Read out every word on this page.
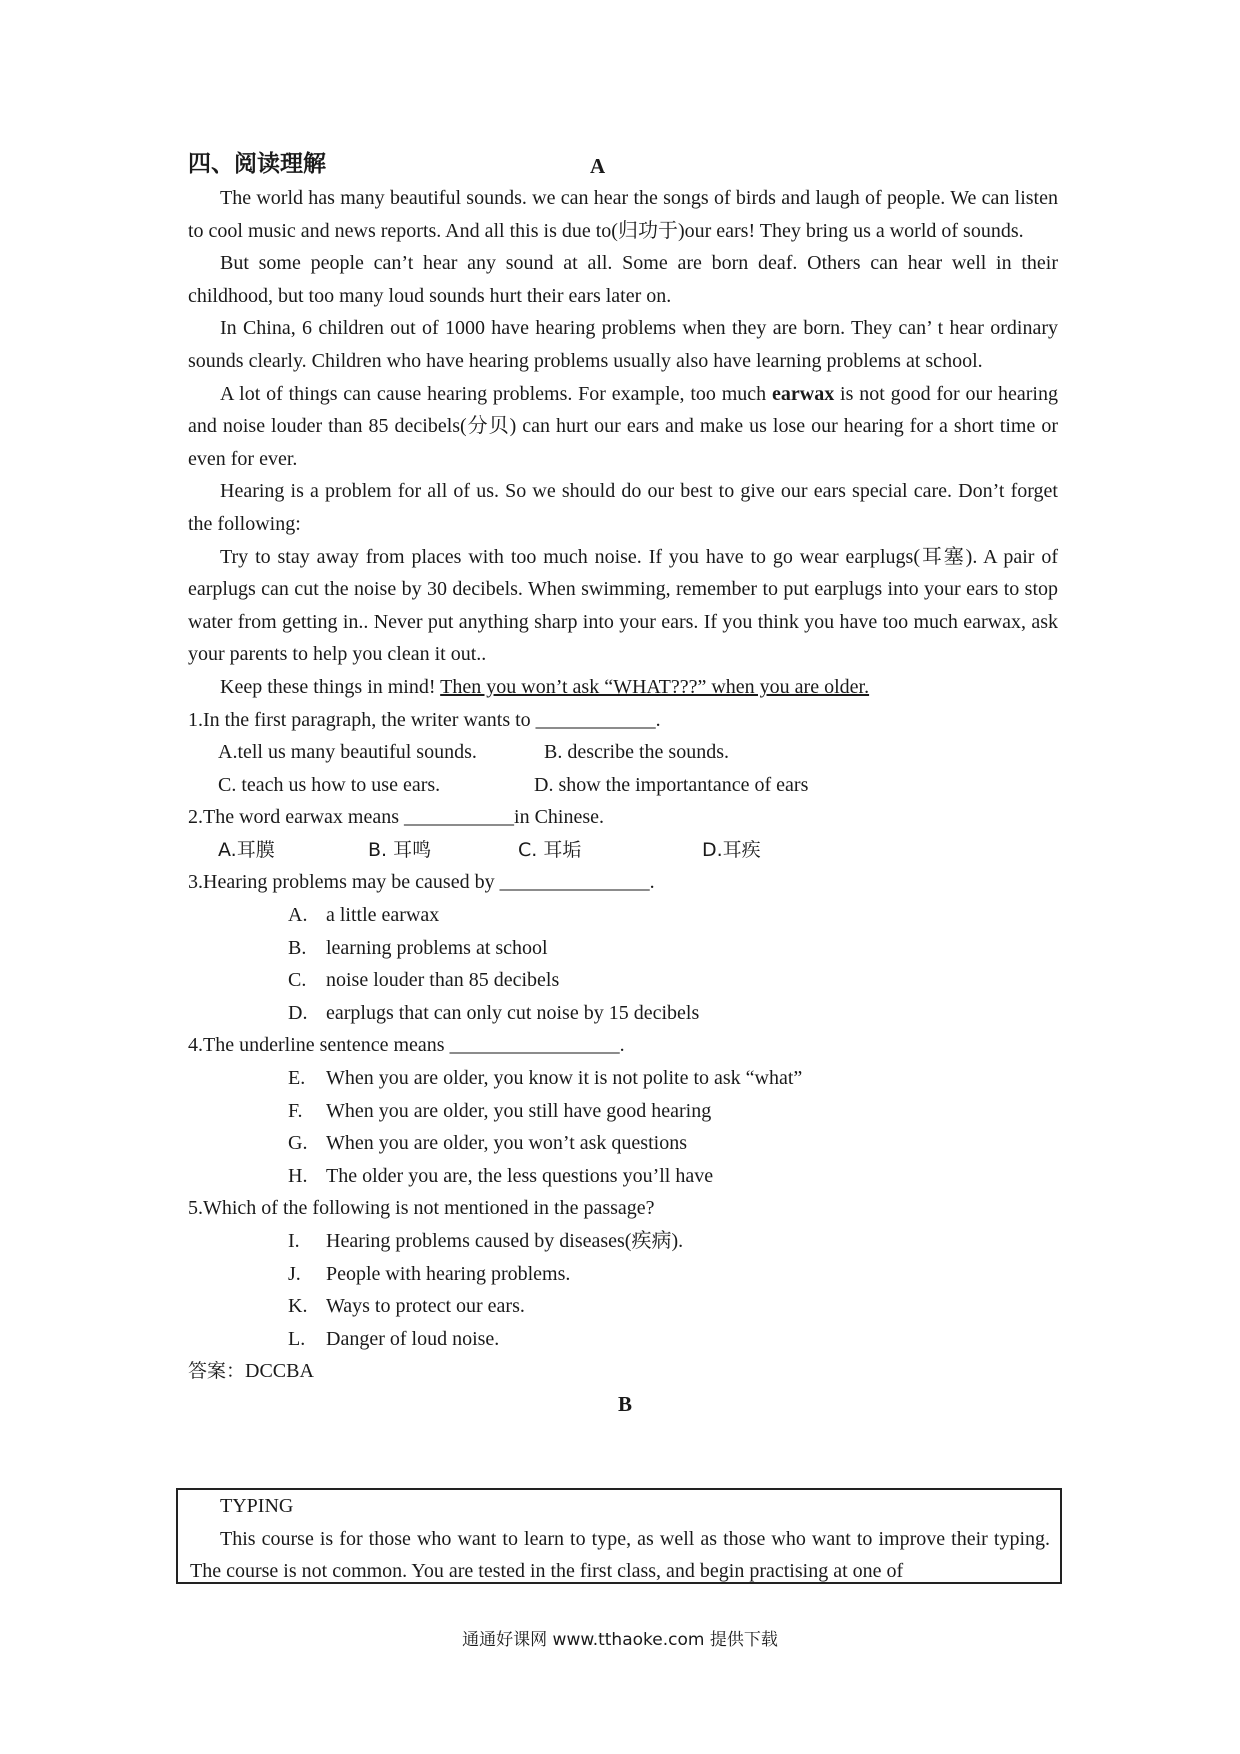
四、阅读理解	A

The world has many beautiful sounds. we can hear the songs of birds and laugh of people. We can listen to cool music and news reports. And all this is due to(归功于)our ears! They bring us a world of sounds.

But some people can’t hear any sound at all. Some are born deaf. Others can hear well in their childhood, but too many loud sounds hurt their ears later on.

In China, 6 children out of 1000 have hearing problems when they are born. They can’ t hear ordinary sounds clearly. Children who have hearing problems usually also have learning problems at school.

A lot of things can cause hearing problems. For example, too much earwax is not good for our hearing and noise louder than 85 decibels(分贝) can hurt our ears and make us lose our hearing for a short time or even for ever.

Hearing is a problem for all of us. So we should do our best to give our ears special care. Don’t forget the following:

Try to stay away from places with too much noise. If you have to go wear earplugs(耳塞). A pair of earplugs can cut the noise by 30 decibels. When swimming, remember to put earplugs into your ears to stop water from getting in.. Never put anything sharp into your ears. If you think you have too much earwax, ask your parents to help you clean it out..

Keep these things in mind! Then you won’t ask “WHAT???” when you are older.

1.In the first paragraph, the writer wants to ____________.

A.tell us many beautiful sounds.	B. describe the sounds.
C. teach us how to use ears.	D. show the importantance of ears

2.The word earwax means ___________in Chinese.

A.耳膜	B. 耳鸣	C. 耳垢	D.耳疾

3.Hearing problems may be caused by _______________.

A. a little earwax
B. learning problems at school
C. noise louder than 85 decibels
D. earplugs that can only cut noise by 15 decibels

4.The underline sentence means _________________.

E.	When you are older, you know it is not polite to ask “what”
F.	When you are older, you still have good hearing
G. When you are older, you won’t ask questions
H. The older you are, the less questions you’ll have

5.Which of the following is not mentioned in the passage?

I.	Hearing problems caused by diseases(疾病).
J.	People with hearing problems.
K. Ways to protect our ears.
L.	Danger of loud noise.

答案：DCCBA

B

TYPING

This course is for those who want to learn to type, as well as those who want to improve their typing. The course is not common. You are tested in the first class, and begin practising at one of

通通好课网 www.tthaoke.com 提供下载
